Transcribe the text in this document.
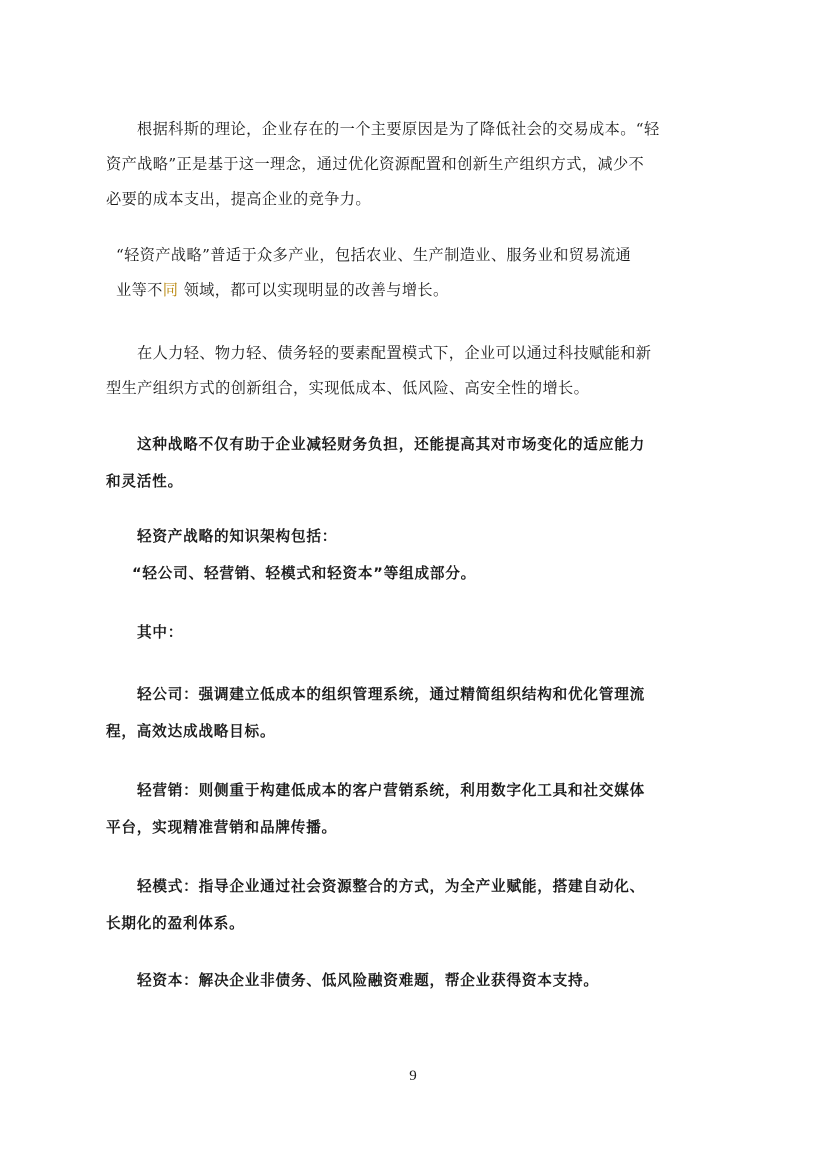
根据科斯的理论，企业存在的一个主要原因是为了降低社会的交易成本。“轻
资产战略”正是基于这一理念，通过优化资源配置和创新生产组织方式，减少不
必要的成本支出，提高企业的竞争力。

“轻资产战略”普适于众多产业，包括农业、生产制造业、服务业和贸易流通
业等不同 领域，都可以实现明显的改善与增长。

在人力轻、物力轻、债务轻的要素配置模式下，企业可以通过科技赋能和新
型生产组织方式的创新组合，实现低成本、低风险、高安全性的增长。

这种战略不仅有助于企业减轻财务负担，还能提高其对市场变化的适应能力
和灵活性。

轻资产战略的知识架构包括：
“轻公司、轻营销、轻模式和轻资本”等组成部分。

其中：

轻公司：强调建立低成本的组织管理系统，通过精简组织结构和优化管理流
程，高效达成战略目标。

轻营销：则侧重于构建低成本的客户营销系统，利用数字化工具和社交媒体
平台，实现精准营销和品牌传播。

轻模式：指导企业通过社会资源整合的方式，为全产业赋能，搭建自动化、
长期化的盈利体系。

轻资本：解决企业非债务、低风险融资难题，帮企业获得资本支持。

9
